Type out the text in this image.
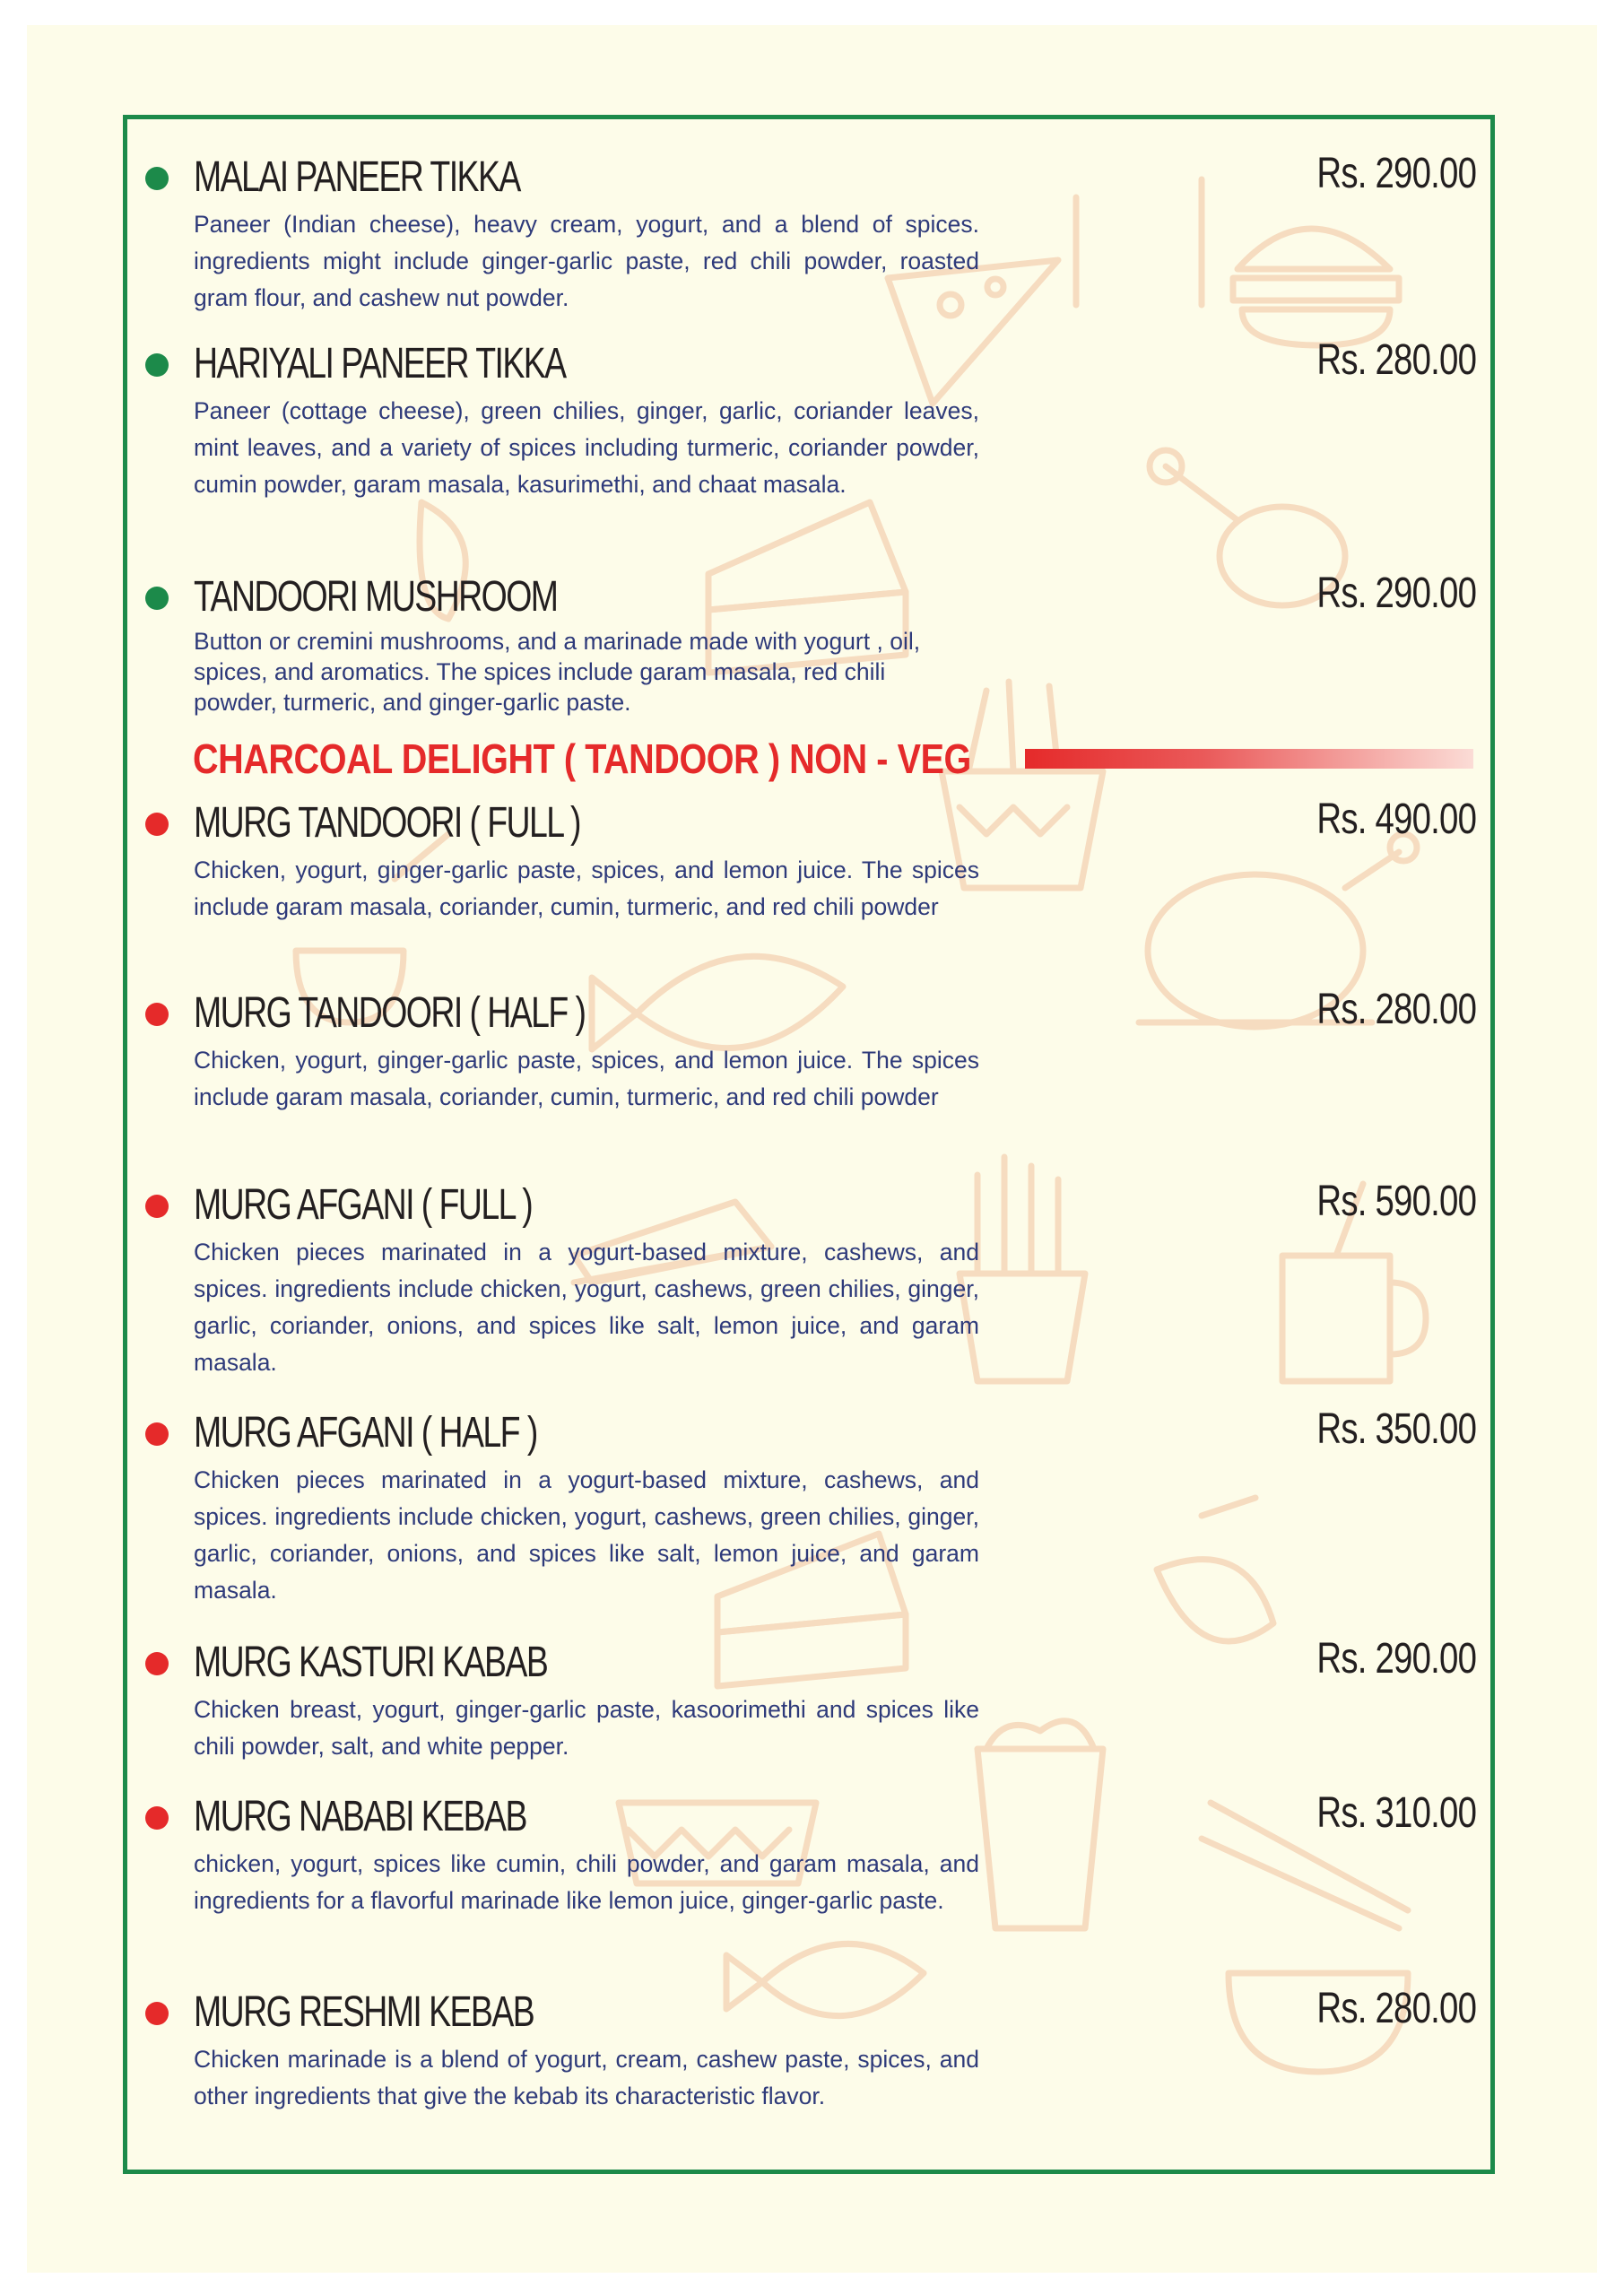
MALAI PANEER TIKKA	Rs. 290.00
Paneer (Indian cheese), heavy cream, yogurt, and a blend of spices. ingredients might include ginger-garlic paste, red chili powder, roasted gram flour, and cashew nut powder.
HARIYALI PANEER TIKKA	Rs. 280.00
Paneer (cottage cheese), green chilies, ginger, garlic, coriander leaves, mint leaves, and a variety of spices including turmeric, coriander powder, cumin powder, garam masala, kasurimethi, and chaat masala.
TANDOORI MUSHROOM	Rs. 290.00
Button or cremini mushrooms, and a marinade made with yogurt , oil, spices, and aromatics. The spices include garam masala, red chili powder, turmeric, and ginger-garlic paste.
CHARCOAL DELIGHT ( TANDOOR ) NON - VEG
MURG TANDOORI ( FULL )	Rs. 490.00
Chicken, yogurt, ginger-garlic paste, spices, and lemon juice. The spices include garam masala, coriander, cumin, turmeric, and red chili powder
MURG TANDOORI ( HALF )	Rs. 280.00
Chicken, yogurt, ginger-garlic paste, spices, and lemon juice. The spices include garam masala, coriander, cumin, turmeric, and red chili powder
MURG AFGANI ( FULL )	Rs. 590.00
Chicken pieces marinated in a yogurt-based mixture, cashews, and spices. ingredients include chicken, yogurt, cashews, green chilies, ginger, garlic, coriander, onions, and spices like salt, lemon juice, and garam masala.
MURG AFGANI ( HALF )	Rs. 350.00
Chicken pieces marinated in a yogurt-based mixture, cashews, and spices. ingredients include chicken, yogurt, cashews, green chilies, ginger, garlic, coriander, onions, and spices like salt, lemon juice, and garam masala.
MURG KASTURI KABAB	Rs. 290.00
Chicken breast, yogurt, ginger-garlic paste, kasoorimethi and spices like chili powder, salt, and white pepper.
MURG NABABI KEBAB	Rs. 310.00
chicken, yogurt, spices like cumin, chili powder, and garam masala, and ingredients for a flavorful marinade like lemon juice, ginger-garlic paste.
MURG RESHMI KEBAB	Rs. 280.00
Chicken marinade is a blend of yogurt, cream, cashew paste, spices, and other ingredients that give the kebab its characteristic flavor.
